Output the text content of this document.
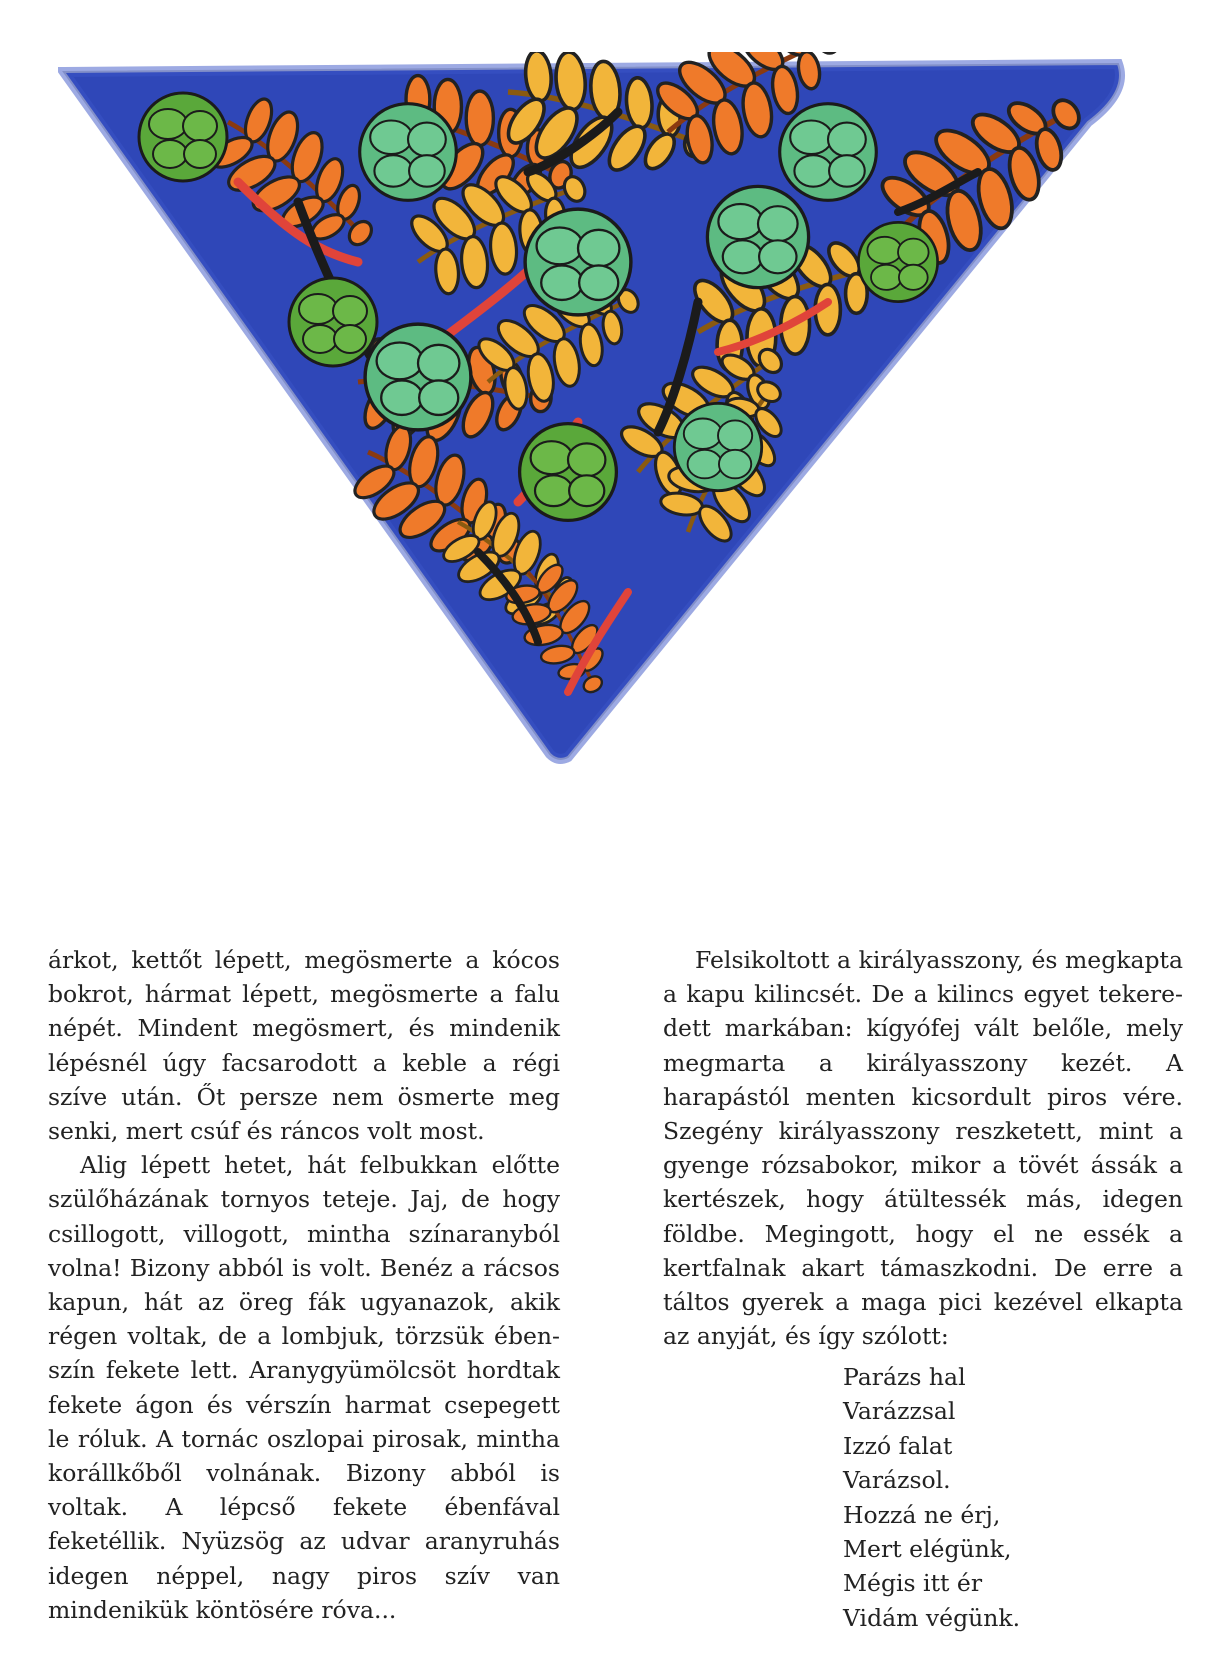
árkot, kettőt lépett, megösmerte a kócos bokrot, hármat lépett, megösmerte a falu népét. Mindent megösmert, és mindenik lépésnél úgy facsarodott a keble a régi szíve után. Őt persze nem ösmerte meg senki, mert csúf és ráncos volt most.

Alig lépett hetet, hát felbukkan előtte szülőházának tornyos teteje. Jaj, de hogy csillogott, villogott, mintha színaranyból volna! Bizony abból is volt. Benéz a rácsos kapun, hát az öreg fák ugyanazok, akik régen voltak, de a lombjuk, törzsük ébenszín fekete lett. Aranygyümölcsöt hordtak fekete ágon és vérszín harmat csepegett le róluk. A tornác oszlopai pirosak, mintha korállkőből volnának. Bizony abból is voltak. A lépcső fekete ébenfával feketéllik. Nyüzsög az udvar aranyruhás idegen néppel, nagy piros szív van mindenikük köntösére róva...

Felsikoltott a királyasszony, és megkapta a kapu kilincsét. De a kilincs egyet tekeredett markában: kígyófej vált belőle, mely megmarta a királyasszony kezét. A harapástól menten kicsordult piros vére. Szegény királyasszony reszketett, mint a gyenge rózsabokor, mikor a tövét ássák a kertészek, hogy átültessék más, idegen földbe. Megingott, hogy el ne essék a kertfalnak akart támaszkodni. De erre a táltos gyerek a maga pici kezével elkapta az anyját, és így szólott:

Parázs hal
Varázzsal
Izzó falat
Varázsol.
Hozzá ne érj,
Mert elégünk,
Mégis itt ér
Vidám végünk.
